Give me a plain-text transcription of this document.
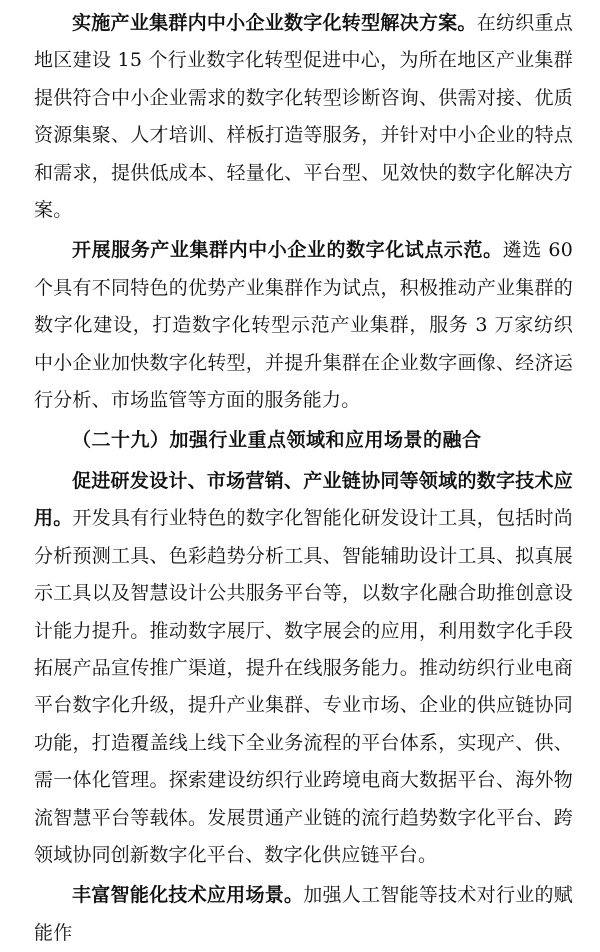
实施产业集群内中小企业数字化转型解决方案。在纺织重点地区建设 15 个行业数字化转型促进中心，为所在地区产业集群提供符合中小企业需求的数字化转型诊断咨询、供需对接、优质资源集聚、人才培训、样板打造等服务，并针对中小企业的特点和需求，提供低成本、轻量化、平台型、见效快的数字化解决方案。

开展服务产业集群内中小企业的数字化试点示范。遴选 60 个具有不同特色的优势产业集群作为试点，积极推动产业集群的数字化建设，打造数字化转型示范产业集群，服务 3 万家纺织中小企业加快数字化转型，并提升集群在企业数字画像、经济运行分析、市场监管等方面的服务能力。

（二十九）加强行业重点领域和应用场景的融合

促进研发设计、市场营销、产业链协同等领域的数字技术应用。开发具有行业特色的数字化智能化研发设计工具，包括时尚分析预测工具、色彩趋势分析工具、智能辅助设计工具、拟真展示工具以及智慧设计公共服务平台等，以数字化融合助推创意设计能力提升。推动数字展厅、数字展会的应用，利用数字化手段拓展产品宣传推广渠道，提升在线服务能力。推动纺织行业电商平台数字化升级，提升产业集群、专业市场、企业的供应链协同功能，打造覆盖线上线下全业务流程的平台体系，实现产、供、需一体化管理。探索建设纺织行业跨境电商大数据平台、海外物流智慧平台等载体。发展贯通产业链的流行趋势数字化平台、跨领域协同创新数字化平台、数字化供应链平台。

丰富智能化技术应用场景。加强人工智能等技术对行业的赋能作
